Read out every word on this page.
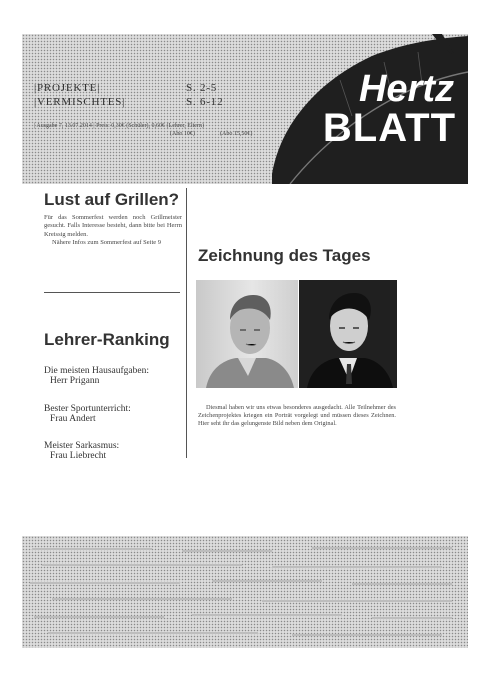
|PROJEKTE|	S. 2-5
|VERMISCHTES|	S. 6-12
| Ausgabe 7, 13.07.2014 | Preis: 0,30€ (Schüler), 0,60€ (Lehrer, Eltern)
(Abo 10€)	(Abo 15,50€)
Hertz
BLATT
Lust auf Grillen?

Für das Sommerfest werden noch Grillmeister gesucht. Falls Interesse besteht, dann bitte bei Herrn Kreissig melden.

Nähere Infos zum Sommerfest auf Seite 9

Lehrer-Ranking
Die meisten Hausaufgaben:
Herr Prigann
Bester Sportunterricht:
Frau Andert
Meister Sarkasmus:
Frau Liebrecht
Zeichnung des Tages
Diesmal haben wir uns etwas besonderes ausgedacht. Alle Teilnehmer des Zeichenprojektes kriegen ein Porträt vorgelegt und müssen dieses Zeichnen. Hier seht ihr das gelungenste Bild neben dem Original.
